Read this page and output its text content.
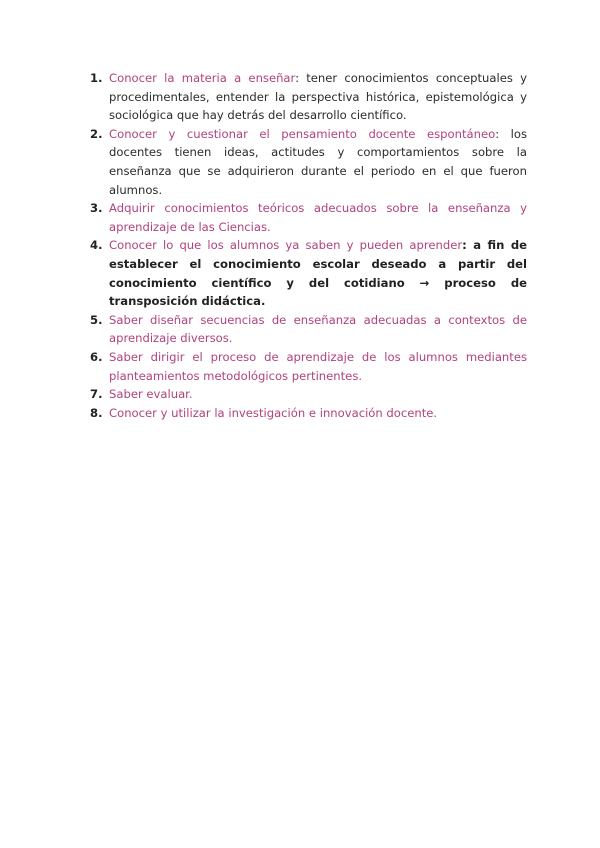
1. Conocer la materia a enseñar: tener conocimientos conceptuales y procedimentales, entender la perspectiva histórica, epistemológica y sociológica que hay detrás del desarrollo científico.
2. Conocer y cuestionar el pensamiento docente espontáneo: los docentes tienen ideas, actitudes y comportamientos sobre la enseñanza que se adquirieron durante el periodo en el que fueron alumnos.
3. Adquirir conocimientos teóricos adecuados sobre la enseñanza y aprendizaje de las Ciencias.
4. Conocer lo que los alumnos ya saben y pueden aprender: a fin de establecer el conocimiento escolar deseado a partir del conocimiento científico y del cotidiano → proceso de transposición didáctica.
5. Saber diseñar secuencias de enseñanza adecuadas a contextos de aprendizaje diversos.
6. Saber dirigir el proceso de aprendizaje de los alumnos mediantes planteamientos metodológicos pertinentes.
7. Saber evaluar.
8. Conocer y utilizar la investigación e innovación docente.
